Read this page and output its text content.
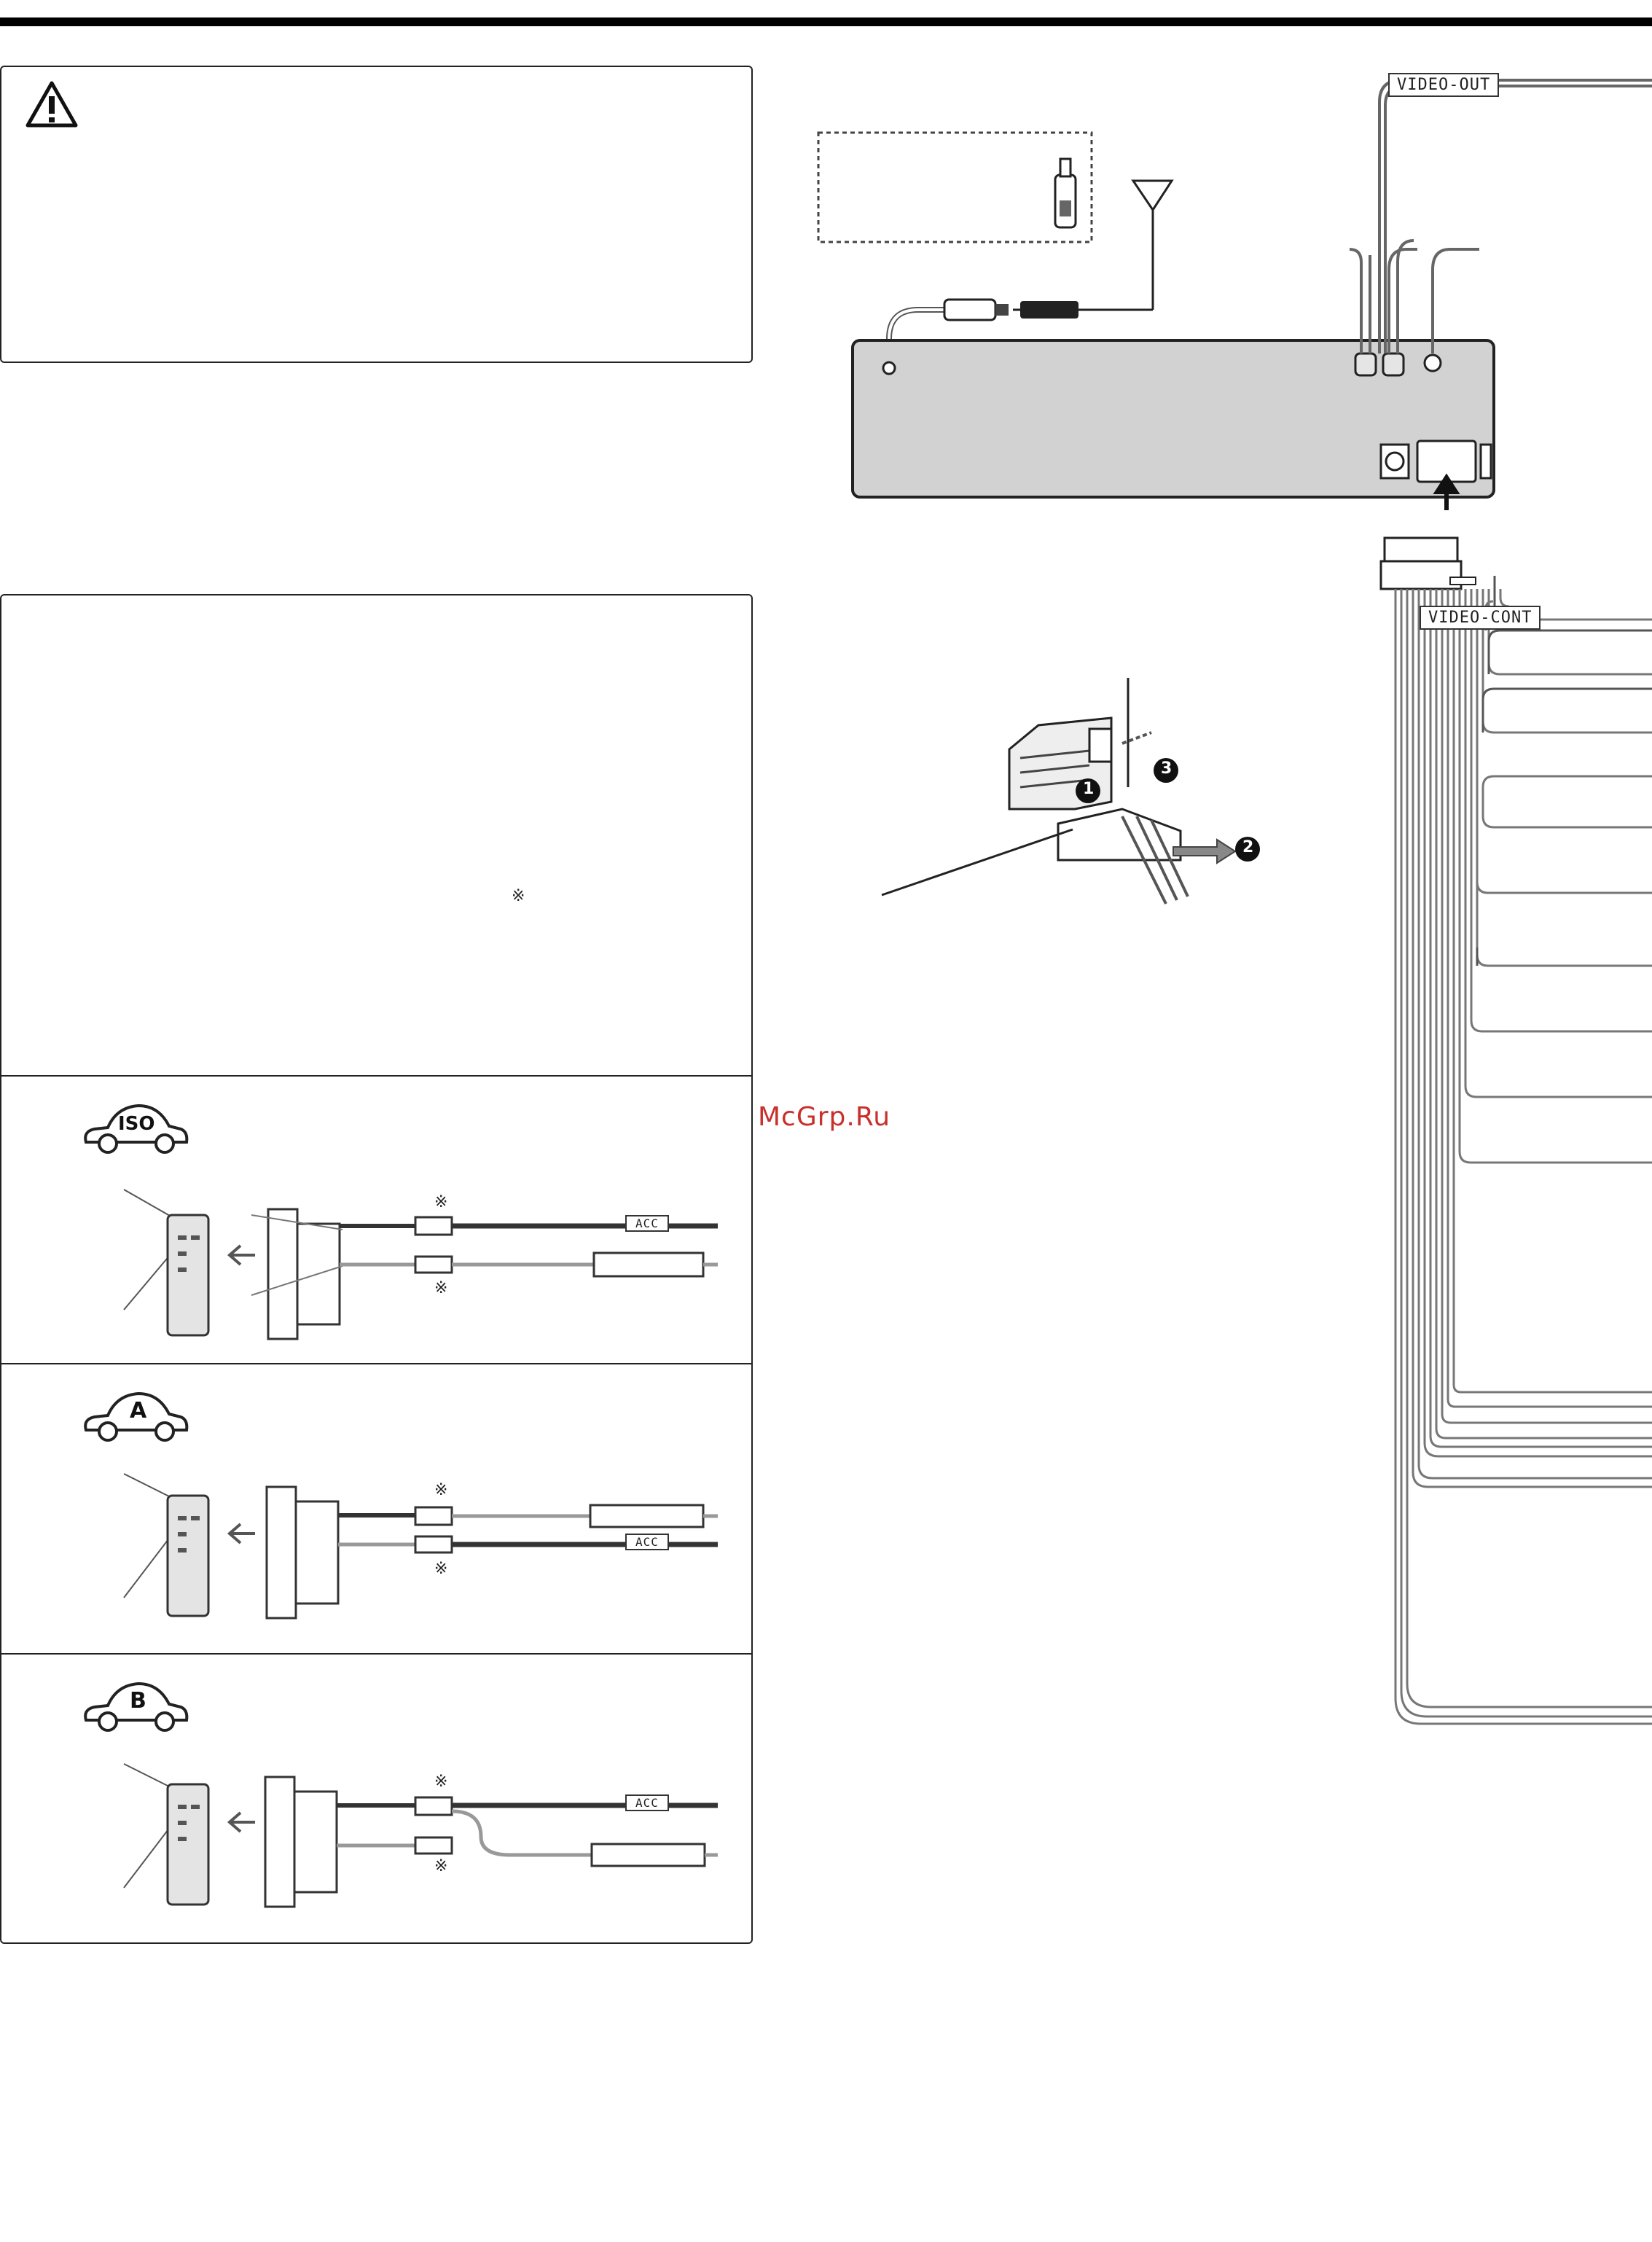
※
ISO
ACC
※
※
A
ACC
※
※
B
ACC
※
※
McGrp.Ru
1
2
3
VIDEO-OUT
VIDEO-CONT
